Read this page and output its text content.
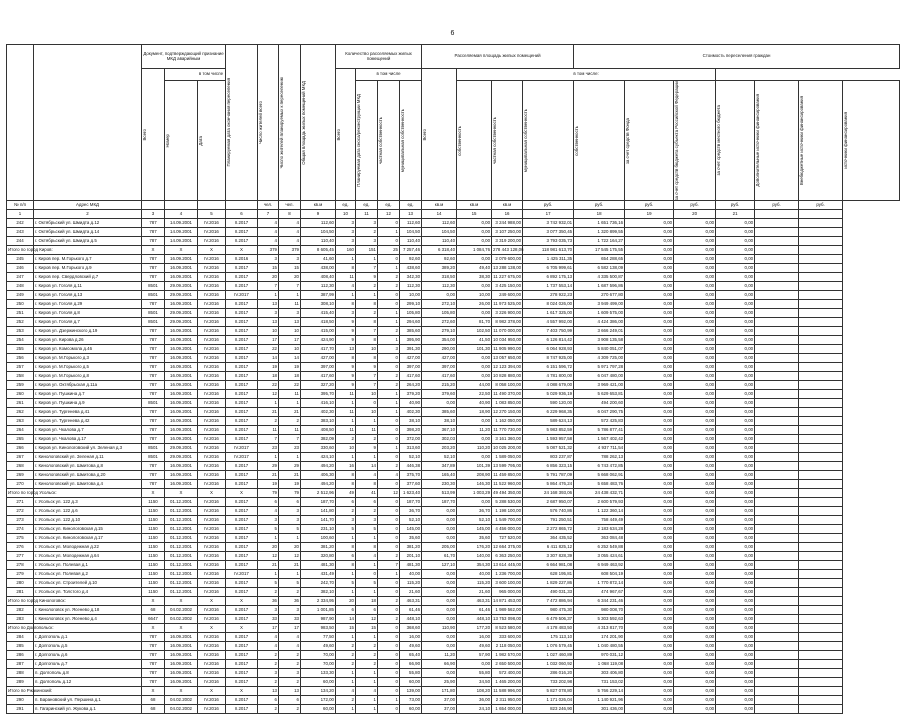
6
		Документ, подтверждающий признание МКД аварийным			Планируемая дата окончания переселения	Число жителей всего	Число жителей планируемых к переселению	Общая площадь жилых помещений МКД	Количество расселяемых жилых помещений				Расселяемая площадь жилых помещений				Стоимость переселения граждан						

		Всего	в том числе						Всего	в том числе			Всего	в том числе:									

			Номер	Дата						Планируемая дата сноса/реконструкции МКД	частная собственность	муниципальная собственность		собственность	частная собственность	муниципальная собственность	собственность	за счет средств Фонда	за счет средств бюджета субъекта Российской Федерации	за счет средств местного бюджета	Дополнительные источники финансирования	Внебюджетные источники финансирования	источники финансирования

№ п/п	Адрес МКД					чел.	чел.	кв.м	ед.	ед.	ед.	ед.	кв.м	кв.м	кв.м	руб.	руб.	руб.	руб.	руб.	руб.	руб.	
1	2	3	4	5	6	7	8	9	10	11	12	13	14	15	16	17	18	19	20	21			
242	г. Октябрьский ул. Шмидта д.12	787	14.09.2001	IV.2016	II.2017	4	4	112,60	3	3	0	112,60	112,60	0,00	3 244 988,00	3 742 932,01	1 651 736,16	0,00	0,00	0,00			
243	г. Октябрьский ул. Шмидта д.14	787	14.09.2001	IV.2016	II.2017	4	4	104,50	3	2	1	104,50	104,50	0,00	3 107 250,00	3 077 350,45	1 320 899,55	0,00	0,00	0,00			
244	г. Октябрьский ул. Шмидта д.5	787	14.09.2001	IV.2016	II.2017	4	4	110,40	3	3	0	110,40	110,40	0,00	3 319 200,00	3 793 035,73	1 722 164,27	0,00	0,00	0,00			
Итого по город Киров:		Х	Х	Х	Х	379	379	8 605,45	160	151	25	7 257,46	6 318,40	1 084,76	278 443 128,06	118 981 613,70	17 545 175,55	0,00	0,00	0,00			
245	г. Киров пер. М.Горького д.7	787	16.09.2001	IV.2016	II.2016	3	3	41,60	1	1	0	92,60	92,60	0,00	2 079 600,00	1 425 311,35	654 288,65	0,00	0,00	0,00			
246	г. Киров пер. М.Горького д.9	787	16.09.2001	IV.2016	II.2017	15	15	438,00	8	7	1	438,60	389,20	49,40	13 288 138,00	6 705 999,61	6 582 138,09	0,00	0,00	0,00			
247	г. Киров пер. Свердловский д.7	787	16.09.2001	IV.2016	II.2017	20	20	408,40	11	9	2	342,30	318,50	38,30	11 227 675,00	6 892 175,13	4 335 500,87	0,00	0,00	0,00			
248	г. Киров ул. Гоголя д.11	8501	29.09.2001	IV.2016	II.2017	7	7	112,30	4	2	2	112,30	112,30	0,00	3 425 150,00	1 737 553,14	1 687 596,86	0,00	0,00	0,00			
249	г. Киров ул. Гоголя д.13	8501	29.09.2001	IV.2016	IV.2017	1	1	387,99	1	1	0	10,00	0,00	10,00	249 600,00	278 922,23	270 677,80	0,00	0,00	0,00			
250	г. Киров ул. Гоголя д.29	787	16.09.2001	IV.2016	II.2017	13	11	308,10	8	8	0	299,10	272,10	26,00	11 973 525,00	8 024 026,00	3 949 499,00	0,00	0,00	0,00			
251	г. Киров ул. Гоголя д.8	8501	29.09.2001	IV.2016	II.2017	3	3	415,40	3	2	1	105,80	105,80	0,00	3 226 900,00	1 617 325,00	1 609 575,00	0,00	0,00	0,00			
252	г. Киров ул. Гоголя д.7	8501	29.09.2001	IV.2016	II.2017	13	13	418,50	9	8	1	294,60	272,60	81,70	8 982 378,00	4 557 992,00	4 424 386,00	0,00	0,00	0,00			
253	г. Киров ул. Дзержинского д.19	787	16.09.2001	IV.2016	II.2017	10	10	415,00	9	7	2	385,60	279,10	102,50	11 070 000,00	7 403 750,99	3 666 249,01	0,00	0,00	0,00			
254	г. Киров ул. Кирова д.26	787	16.09.2001	IV.2016	II.2017	17	17	424,90	9	8	1	395,90	354,00	41,50	10 034 950,00	6 126 814,42	3 908 135,58	0,00	0,00	0,00			
255	г. Киров ул. Комсомола д.46	787	16.09.2001	IV.2016	II.2017	22	10	417,70	13	10	3	391,30	290,00	101,30	11 905 990,00	6 064 928,93	5 840 051,07	0,00	0,00	0,00			
256	г. Киров ул. М.Горького д.3	787	16.09.2001	IV.2016	II.2017	14	14	427,00	8	8	0	427,00	427,00	0,00	13 057 650,00	8 747 925,00	4 309 725,00	0,00	0,00	0,00			
257	г. Киров ул. М.Горького д.5	787	16.09.2001	IV.2016	II.2017	19	19	397,00	9	9	0	397,00	397,00	0,00	12 123 394,00	6 151 596,72	5 971 797,28	0,00	0,00	0,00			
258	г. Киров ул. М.Горького д.8	787	16.09.2001	IV.2016	II.2017	18	18	417,60	9	7	2	417,60	417,60	0,00	10 828 880,00	4 781 800,00	6 047 480,00	0,00	0,00	0,00			
259	г. Киров ул. Октябрьская д.11а	787	16.09.2001	IV.2016	II.2017	22	22	327,20	9	7	2	264,20	215,20	44,00	8 058 100,00	4 088 679,00	3 969 421,00	0,00	0,00	0,00			
260	г. Киров ул. Пушкина д.7	787	16.09.2001	IV.2016	II.2017	12	11	395,70	11	10	1	379,20	379,60	22,50	11 490 370,00	5 029 936,19	5 629 653,81	0,00	0,00	0,00			
261	г. Киров ул. Пушкина д.9	8501	16.09.2001	IV.2016	II.2017	1	1	416,10	1	0	1	40,90	0,00	40,90	1 083 850,00	590 120,00	494 200,60	0,00	0,00	0,00			
262	г. Киров ул. Тургенева д.41	787	16.09.2001	IV.2016	II.2017	21	21	402,30	11	10	1	402,30	385,60	18,90	12 270 150,00	6 229 968,35	6 047 290,75	0,00	0,00	0,00			
263	г. Киров ул. Тургенева д.42	787	16.09.2001	IV.2016	II.2017	2	2	383,10	1	1	0	38,10	38,10	0,00	1 162 050,00	589 624,13	572 425,83	0,00	0,00	0,00			
264	г. Киров ул. Чкалова д.7	787	16.09.2001	IV.2016	II.2017	11	11	408,50	11	11	0	398,20	367,10	11,20	11 770 730,00	5 983 852,59	5 786 877,41	0,00	0,00	0,00			
265	г. Киров ул. Чкалова д.17	787	16.09.2001	IV.2016	II.2017	7	7	382,09	2	2	0	372,00	302,03	0,00	3 161 360,00	1 593 957,58	1 567 402,42	0,00	0,00	0,00			
266	г. Киров ул. Кинологовский ул. Зеленая д.3	8501	29.09.2001	IV.2016	IV.2017	23	23	330,60	10	9	1	313,60	203,20	110,20	10 025 200,00	5 087 521,32	4 937 711,54	0,00	0,00	0,00			
267	г. Кинологовский ул. Зеленая д.11	8501	29.09.2001	IV.2016	IV.2017	1	1	424,10	1	1	0	52,10	52,10	0,00	1 589 050,00	803 237,87	788 262,13	0,00	0,00	0,00			
268	г. Кинологовский ул. Шмитова д.8	787	16.09.2001	IV.2016	II.2017	29	29	494,20	16	14	2	446,38	347,89	101,39	13 599 795,00	6 856 323,15	6 743 472,85	0,00	0,00	0,00			
269	г. Кинологовский ул. Шмитова д.20	787	16.09.2001	IV.2016	II.2017	21	21	406,30	8	4	4	375,70	165,40	208,90	11 459 850,00	5 791 787,09	5 668 062,91	0,00	0,00	0,00			
270	г. Кинологовский ул. Шмитова д.4	787	16.09.2001	IV.2016	II.2017	19	19	494,20	8	8	0	377,60	230,30	146,30	11 522 960,00	5 864 476,24	5 658 483,76	0,00	0,00	0,00			
Итого по город Усольск:		Х	Х	Х	Х	79	79	2 512,96	49	41	12	1 623,40	513,99	1 003,29	49 494 350,00	24 168 393,06	24 438 432,71	0,00	0,00	0,00			
271	г. Усольск ул. 122 д.3	1150	01.12.2001	IV.2016	II.2017	6	6	187,70	6	6	0	187,70	187,70	0,00	5 288 530,00	2 687 950,07	2 600 579,93	0,00	0,00	0,00			
272	г. Усольск ул. 122 д.6	1150	01.12.2001	IV.2016	II.2017	4	3	141,80	2	2	0	36,70	0,00	36,70	1 198 100,00	576 740,86	1 122 360,14	0,00	0,00	0,00			
273	г. Усольск ул. 122 д.10	1150	01.12.2001	IV.2016	II.2017	3	3	141,70	3	3	0	52,10	0,00	52,10	1 549 700,00	791 250,51	758 449,49	0,00	0,00	0,00			
274	г. Усольск ул. Кинологовская д.15	1150	01.12.2001	IV.2016	II.2017	5	5	231,10	5	5	0	145,00	0,00	145,00	4 456 000,00	2 272 865,72	2 183 634,28	0,00	0,00	0,00			
275	г. Усольск ул. Кинологовская д.17	1150	01.12.2001	IV.2016	II.2017	1	1	100,60	1	1	0	35,60	0,00	35,60	727 520,00	364 435,52	363 084,48	0,00	0,00	0,00			
276	г. Усольск ул. Молодежная д.22	1150	01.12.2001	IV.2016	II.2017	20	20	381,20	8	8	0	381,20	205,00	176,20	12 664 375,00	6 411 825,12	6 252 549,88	0,00	0,00	0,00			
277	г. Усольск ул. Молодежная д.64	1150	01.12.2001	IV.2016	II.2017	12	12	320,80	6	4	2	201,10	61,70	140,00	6 363 250,00	3 307 828,39	3 055 424,61	0,00	0,00	0,00			
278	г. Усольск ул. Полевая д.1	1150	01.12.2001	IV.2016	II.2017	21	21	481,30	8	1	7	481,30	127,10	354,30	13 614 445,00	6 664 981,08	6 949 463,92	0,00	0,00	0,00			
279	г. Усольск ул. Полевая д.2	1150	01.12.2001	IV.2016	IV.2017	1	1	431,49	1	0	1	40,00	0,00	40,00	1 236 700,00	628 195,81	608 504,19	0,00	0,00	0,00			
280	г. Усольск ул. Строителей д.10	1150	01.12.2001	IV.2016	II.2017	5	5	242,70	5	5	0	115,20	0,00	115,20	3 600 100,00	1 829 227,86	1 770 872,14	0,00	0,00	0,00			
281	г. Усольск ул. Толстого д.4	1150	01.12.2001	IV.2016	II.2017	2	2	382,10	1	1	0	21,60	0,00	21,60	965 000,00	490 031,33	474 967,67	0,00	0,00	0,00			
Итого по город Кинологовск:		Х	Х	Х	Х	36	36	2 334,95	20	18	2	463,31	0,00	463,31	14 871 453,00	7 472 886,94	6 344 231,46	0,00	0,00	0,00			
282	г. Кинологовск ул. Ясенево д.18	68	04.02.2002	IV.2016	II.2017	3	3	1 001,85	6	6	0	61,46	0,00	61,46	1 989 562,00	980 475,30	980 008,70	0,00	0,00	0,00			
283	г. Кинологовск ул. Ясенево д.4	6647	04.02.2002	IV.2016	II.2017	33	33	987,90	14	12	2	448,10	0,00	448,10	13 753 098,00	6 479 506,37	5 303 592,63	0,00	0,00	0,00			
Итого по Долгопольск:		Х	Х	Х	Х	17	17	983,50	15	15	0	368,60	110,90	177,20	8 523 580,00	4 178 483,50	4 313 817,70	0,00	0,00	0,00			
284	г. Долгополь д.1	787	16.09.2001	IV.2016	II.2017	4	4	77,50	1	1	0	16,00	0,00	16,00	333 600,00	175 113,10	174 201,90	0,00	0,00	0,00			
285	г. Долгополь д.5	787	16.09.2001	IV.2016	II.2017	4	4	49,60	2	2	0	49,60	0,00	49,60	2 118 050,00	1 076 579,45	1 040 480,55	0,00	0,00	0,00			
286	г. Долгополь д.6	787	16.09.2001	IV.2016	II.2017	2	2	70,00	2	2	0	65,40	11,20	57,90	1 982 570,00	1 027 460,89	970 031,12	0,00	0,00	0,00			
287	г. Долгополь д.7	787	16.09.2001	IV.2016	II.2017	2	2	70,00	2	2	0	66,90	66,90	0,00	2 650 500,00	1 032 060,92	1 068 119,08	0,00	0,00	0,00			
288	п. Долгополь д.8	787	16.09.2001	IV.2016	II.2017	3	3	133,30	1	1	0	55,80	0,00	55,80	572 400,00	286 016,20	303 406,80	0,00	0,00	0,00			
289	п. Долгополь д.12	787	16.09.2001	IV.2016	II.2017	2	2	60,00	1	1	0	60,00	25,90	34,50	1 465 200,00	733 202,98	731 153,02	0,00	0,00	0,00			
Итого по Ржакинский:		Х	Х	Х	Х	13	13	134,20	4	4	0	139,00	171,80	108,20	11 588 996,00	5 827 078,80	5 766 229,14	0,00	0,00	0,00			
290	п. Барановский ул. Першина д.1	68	04.02.2002	IV.2016	II.2017	6	6	172,00	2	1	1	73,00	37,00	36,00	2 311 950,00	1 171 026,04	1 140 921,96	0,00	0,00	0,00			
291	п. Гагаринский ул. Жукова д.1	68	04.02.2002	IV.2016	II.2017	2	2	60,00	1	1	0	60,00	37,00	24,10	1 654 000,00	823 246,90	301 436,00	0,00	0,00	0,00			
